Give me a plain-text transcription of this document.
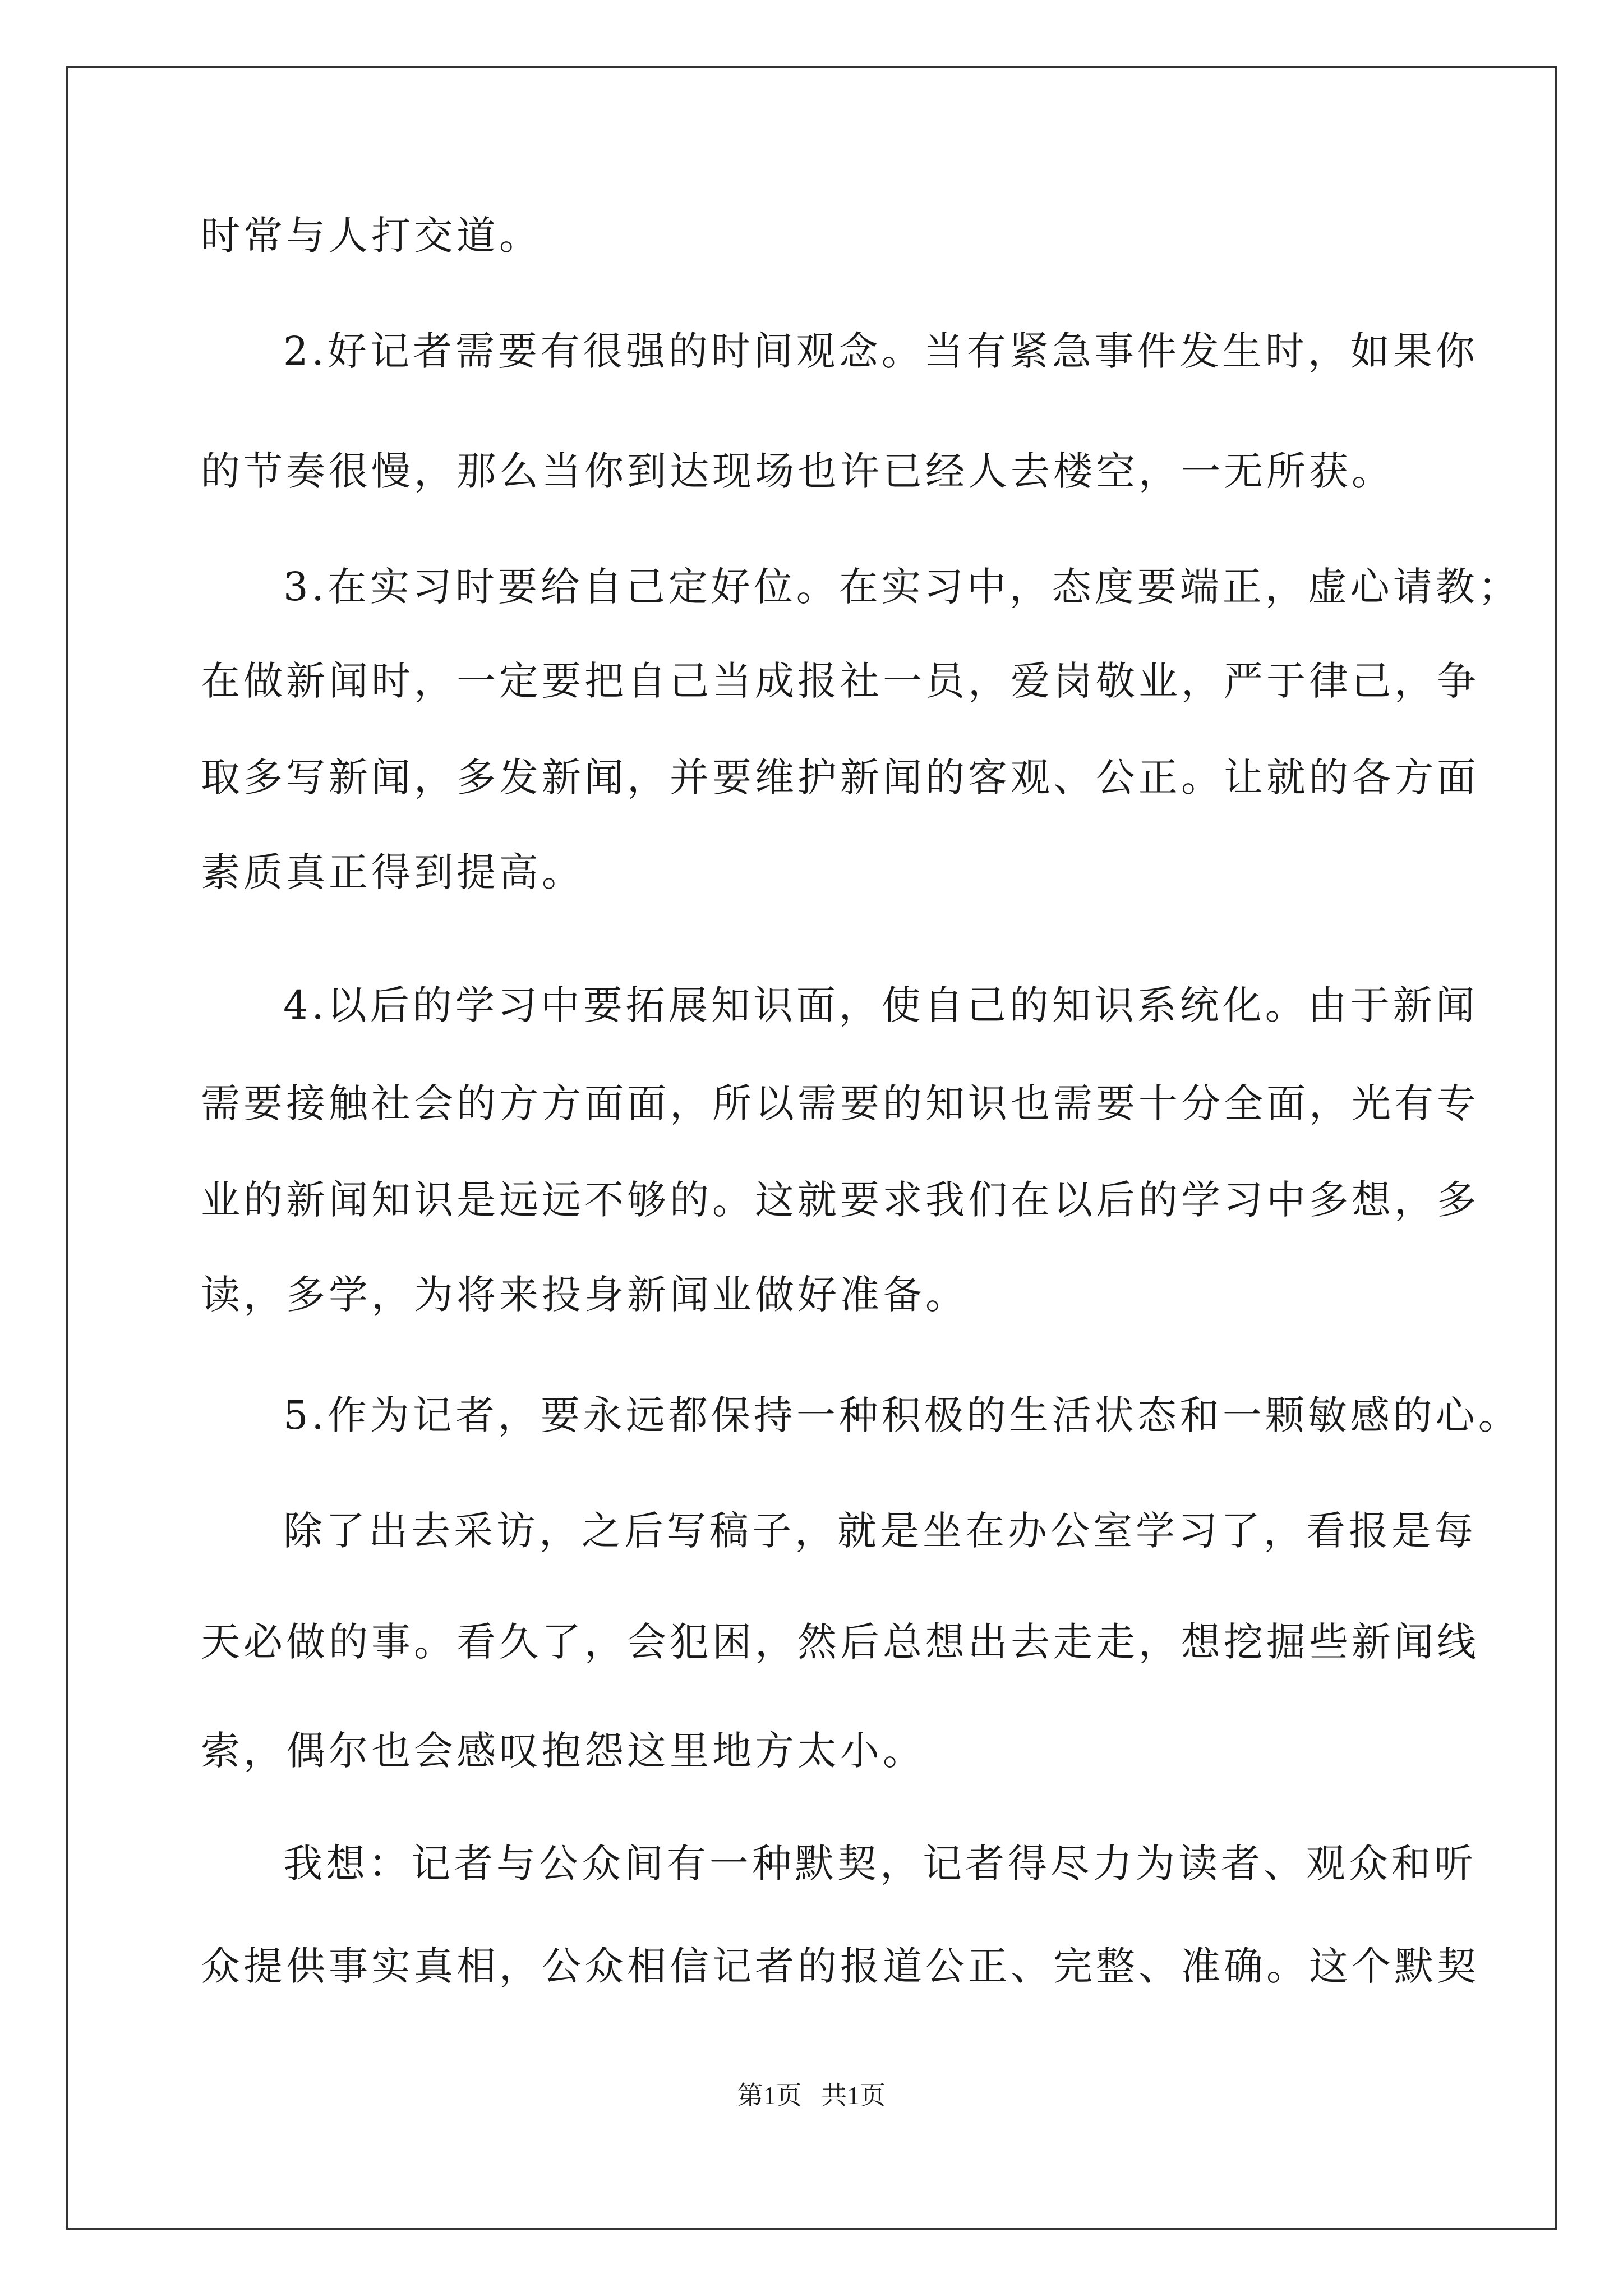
时常与人打交道。
2.好记者需要有很强的时间观念。当有紧急事件发生时，如果你
的节奏很慢，那么当你到达现场也许已经人去楼空，一无所获。
3.在实习时要给自己定好位。在实习中，态度要端正，虚心请教；
在做新闻时，一定要把自己当成报社一员，爱岗敬业，严于律己，争
取多写新闻，多发新闻，并要维护新闻的客观、公正。让就的各方面
素质真正得到提高。
4.以后的学习中要拓展知识面，使自己的知识系统化。由于新闻
需要接触社会的方方面面，所以需要的知识也需要十分全面，光有专
业的新闻知识是远远不够的。这就要求我们在以后的学习中多想，多
读，多学，为将来投身新闻业做好准备。
5.作为记者，要永远都保持一种积极的生活状态和一颗敏感的心。
除了出去采访，之后写稿子，就是坐在办公室学习了，看报是每
天必做的事。看久了，会犯困，然后总想出去走走，想挖掘些新闻线
索，偶尔也会感叹抱怨这里地方太小。
我想：记者与公众间有一种默契，记者得尽力为读者、观众和听
众提供事实真相，公众相信记者的报道公正、完整、准确。这个默契
第1页   共1页
